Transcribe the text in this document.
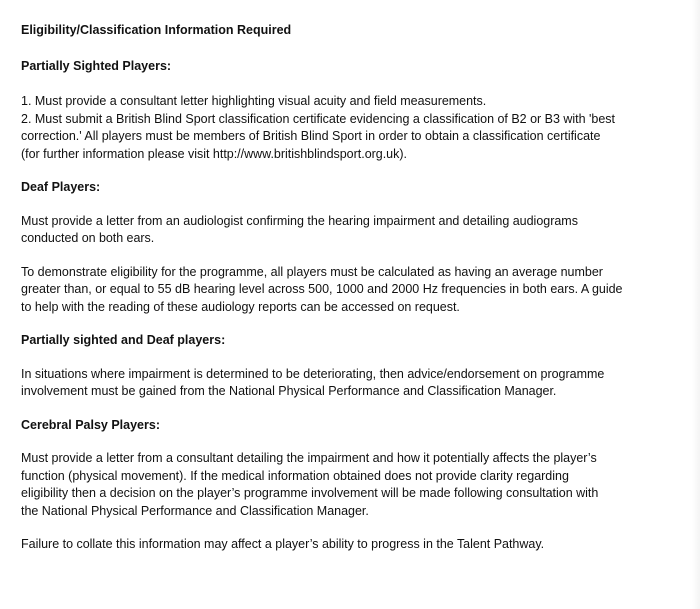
Eligibility/Classification Information Required

Partially Sighted Players:

1. Must provide a consultant letter highlighting visual acuity and field measurements.
2. Must submit a British Blind Sport classification certificate evidencing a classification of B2 or B3 with 'best
correction.' All players must be members of British Blind Sport in order to obtain a classification certificate
(for further information please visit http://www.britishblindsport.org.uk).

Deaf Players:

Must provide a letter from an audiologist confirming the hearing impairment and detailing audiograms
conducted on both ears.

To demonstrate eligibility for the programme, all players must be calculated as having an average number
greater than, or equal to 55 dB hearing level across 500, 1000 and 2000 Hz frequencies in both ears. A guide
to help with the reading of these audiology reports can be accessed on request.

Partially sighted and Deaf players:

In situations where impairment is determined to be deteriorating, then advice/endorsement on programme
involvement must be gained from the National Physical Performance and Classification Manager.

Cerebral Palsy Players:

Must provide a letter from a consultant detailing the impairment and how it potentially affects the player’s
function (physical movement). If the medical information obtained does not provide clarity regarding
eligibility then a decision on the player’s programme involvement will be made following consultation with
the National Physical Performance and Classification Manager.

Failure to collate this information may affect a player’s ability to progress in the Talent Pathway.
